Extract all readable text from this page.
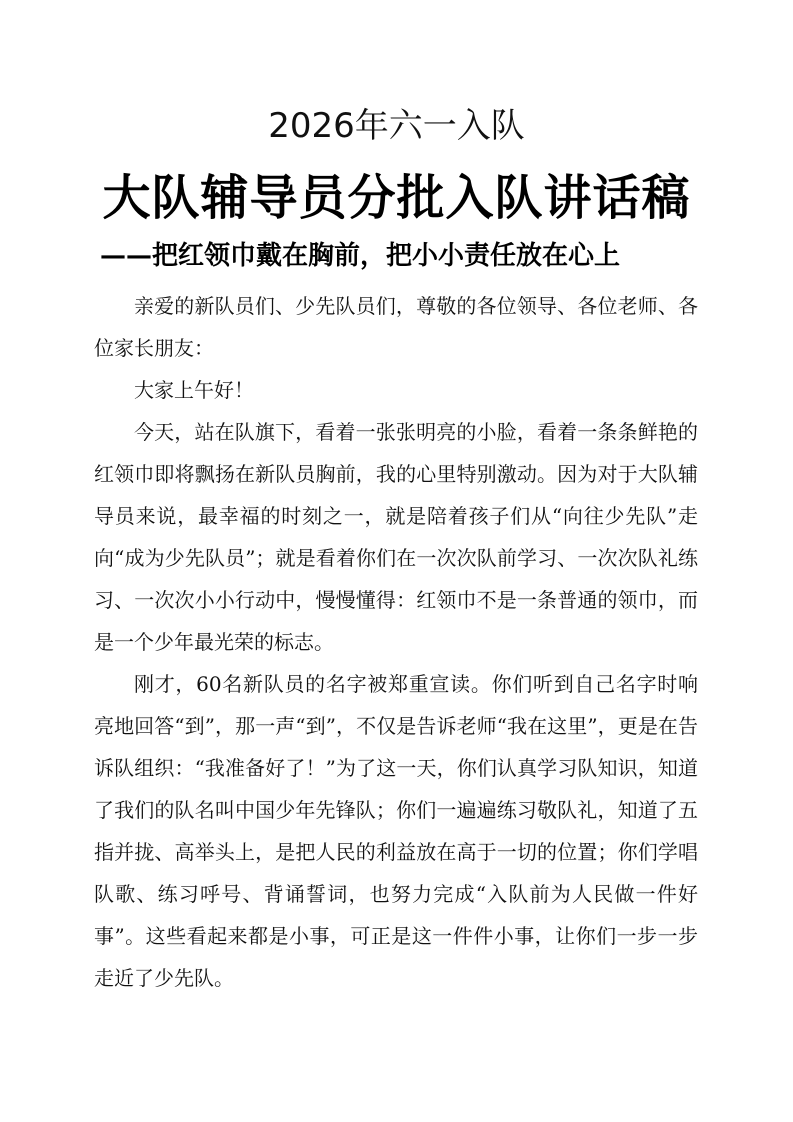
2026年六一入队
大队辅导员分批入队讲话稿
——把红领巾戴在胸前，把小小责任放在心上

亲爱的新队员们、少先队员们，尊敬的各位领导、各位老师、各位家长朋友：

大家上午好！

今天，站在队旗下，看着一张张明亮的小脸，看着一条条鲜艳的红领巾即将飘扬在新队员胸前，我的心里特别激动。因为对于大队辅导员来说，最幸福的时刻之一，就是陪着孩子们从“向往少先队”走向“成为少先队员”；就是看着你们在一次次队前学习、一次次队礼练习、一次次小小行动中，慢慢懂得：红领巾不是一条普通的领巾，而是一个少年最光荣的标志。

刚才，60名新队员的名字被郑重宣读。你们听到自己名字时响亮地回答“到”，那一声“到”，不仅是告诉老师“我在这里”，更是在告诉队组织：“我准备好了！”为了这一天，你们认真学习队知识，知道了我们的队名叫中国少年先锋队；你们一遍遍练习敬队礼，知道了五指并拢、高举头上，是把人民的利益放在高于一切的位置；你们学唱队歌、练习呼号、背诵誓词，也努力完成“入队前为人民做一件好事”。这些看起来都是小事，可正是这一件件小事，让你们一步一步走近了少先队。
